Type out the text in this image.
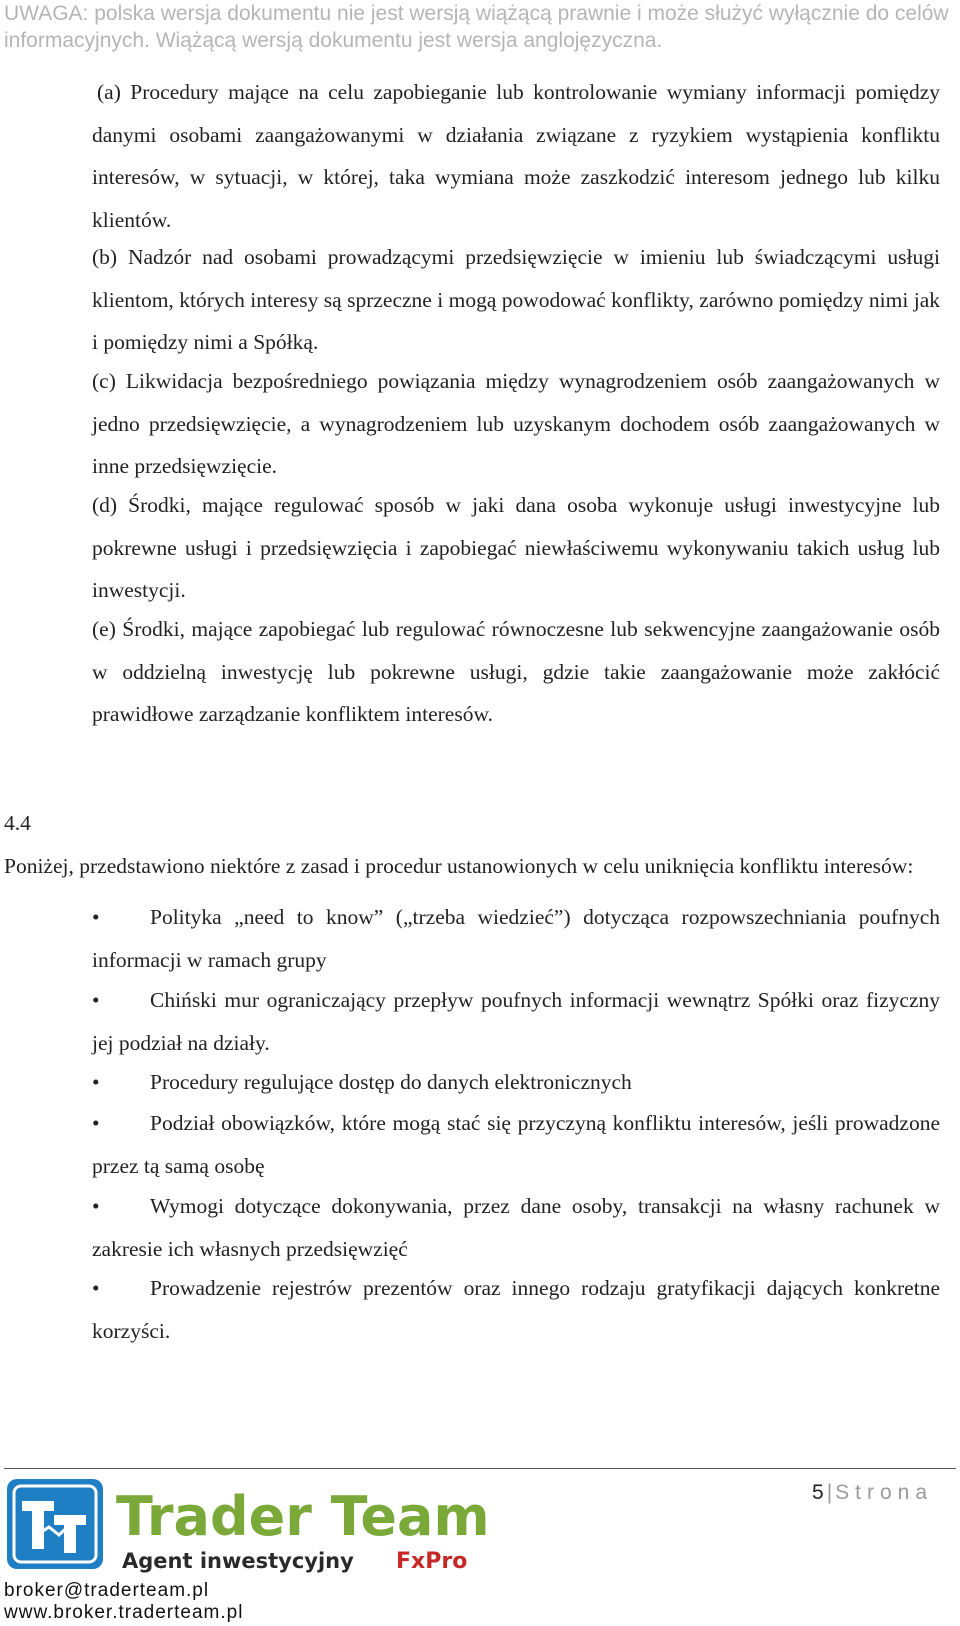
UWAGA: polska wersja dokumentu nie jest wersją wiążącą prawnie i może służyć wyłącznie do celów
informacyjnych. Wiążącą wersją dokumentu jest wersja anglojęzyczna.
(a) Procedury mające na celu zapobieganie lub kontrolowanie wymiany informacji pomiędzy danymi osobami zaangażowanymi w działania związane z ryzykiem wystąpienia konfliktu interesów, w sytuacji, w której, taka wymiana może zaszkodzić interesom jednego lub kilku klientów.
(b) Nadzór nad osobami prowadzącymi przedsięwzięcie w imieniu lub świadczącymi usługi klientom, których interesy są sprzeczne i mogą powodować konflikty, zarówno pomiędzy nimi jak i pomiędzy nimi a Spółką.
(c) Likwidacja bezpośredniego powiązania między wynagrodzeniem osób zaangażowanych w jedno przedsięwzięcie, a wynagrodzeniem lub uzyskanym dochodem osób zaangażowanych w inne przedsięwzięcie.
(d) Środki, mające regulować sposób w jaki dana osoba wykonuje usługi inwestycyjne lub pokrewne usługi i przedsięwzięcia i zapobiegać niewłaściwemu wykonywaniu takich usług lub inwestycji.
(e) Środki, mające zapobiegać lub regulować równoczesne lub sekwencyjne zaangażowanie osób w oddzielną inwestycję lub pokrewne usługi, gdzie takie zaangażowanie może zakłócić prawidłowe zarządzanie konfliktem interesów.
4.4
Poniżej, przedstawiono niektóre z zasad i procedur ustanowionych w celu uniknięcia konfliktu interesów:
• Polityka „need to know” („trzeba wiedzieć”) dotycząca rozpowszechniania poufnych informacji w ramach grupy
• Chiński mur ograniczający przepływ poufnych informacji wewnątrz Spółki oraz fizyczny jej podział na działy.
• Procedury regulujące dostęp do danych elektronicznych
• Podział obowiązków, które mogą stać się przyczyną konfliktu interesów, jeśli prowadzone przez tą samą osobę
• Wymogi dotyczące dokonywania, przez dane osoby, transakcji na własny rachunek w zakresie ich własnych przedsięwzięć
• Prowadzenie rejestrów prezentów oraz innego rodzaju gratyfikacji dających konkretne korzyści.
5|Strona
Trader Team
Agent inwestycyjny FxPro
broker@traderteam.pl
www.broker.traderteam.pl
